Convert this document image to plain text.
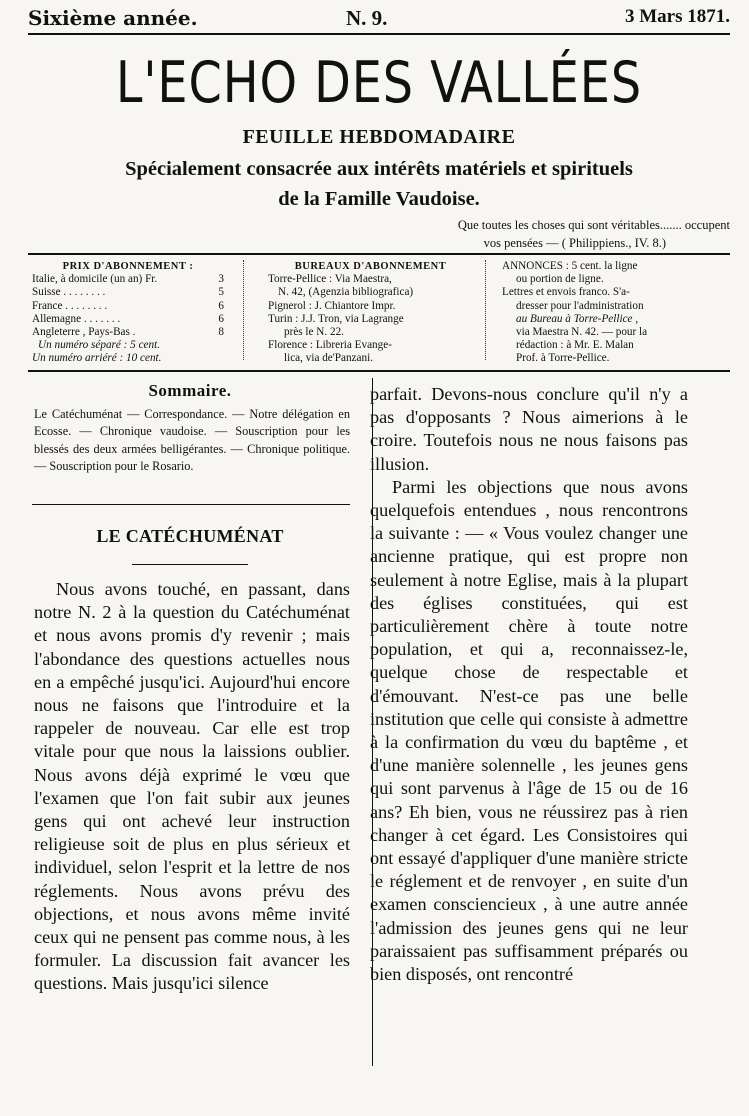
Sixième année.	N. 9.	3 Mars 1871.
L'ECHO DES VALLÉES
FEUILLE HEBDOMADAIRE
Spécialement consacrée aux intérêts matériels et spirituels
de la Famille Vaudoise.
Que toutes les choses qui sont véritables....... occupent
vos pensées — ( Philippiens., IV. 8.)
PRIX D'ABONNEMENT :
Italie, à domicile (un an) Fr.	3
Suisse . . . . . . . .	5
France . . . . . . . .	6
Allemagne . . . . . . .	6
Angleterre , Pays-Bas .	8
Un numéro séparé : 5 cent.
Un numéro arriéré : 10 cent.
BUREAUX D'ABONNEMENT
Torre-Pellice : Via Maestra,
N. 42, (Agenzia bibliografica)
Pignerol : J. Chiantore Impr.
Turin : J.J. Tron, via Lagrange
près le N. 22.
Florence : Libreria Evange-
lica, via de'Panzani.
ANNONCES : 5 cent. la ligne
ou portion de ligne.
Lettres et envois franco. S'a-
dresser pour l'administration
au Bureau à Torre-Pellice ,
via Maestra N. 42. — pour la
rédaction : à Mr. E. Malan
Prof. à Torre-Pellice.
Sommaire.
Le Catéchuménat — Correspondance. — Notre délégation en Ecosse. — Chronique vaudoise. — Souscription pour les blessés des deux armées belligérantes. — Chronique politique. — Souscription pour le Rosario.
LE CATÉCHUMÉNAT

Nous avons touché, en passant, dans notre N. 2 à la question du Catéchuménat et nous avons promis d'y revenir ; mais l'abondance des questions actuelles nous en a empêché jusqu'ici. Aujourd'hui encore nous ne faisons que l'introduire et la rappeler de nouveau. Car elle est trop vitale pour que nous la laissions oublier. Nous avons déjà exprimé le vœu que l'examen que l'on fait subir aux jeunes gens qui ont achevé leur instruction religieuse soit de plus en plus sérieux et individuel, selon l'esprit et la lettre de nos réglements. Nous avons prévu des objections, et nous avons même invité ceux qui ne pensent pas comme nous, à les formuler. La discussion fait avancer les questions. Mais jusqu'ici silence

parfait. Devons-nous conclure qu'il n'y a pas d'opposants ? Nous aimerions à le croire. Toutefois nous ne nous faisons pas illusion.

Parmi les objections que nous avons quelquefois entendues , nous rencontrons la suivante : — « Vous voulez changer une ancienne pratique, qui est propre non seulement à notre Eglise, mais à la plupart des églises constituées, qui est particulièrement chère à toute notre population, et qui a, reconnaissez-le, quelque chose de respectable et d'émouvant. N'est-ce pas une belle institution que celle qui consiste à admettre à la confirmation du vœu du baptême , et d'une manière solennelle , les jeunes gens qui sont parvenus à l'âge de 15 ou de 16 ans? Eh bien, vous ne réussirez pas à rien changer à cet égard. Les Consistoires qui ont essayé d'appliquer d'une manière stricte le réglement et de renvoyer , en suite d'un examen consciencieux , à une autre année l'admission des jeunes gens qui ne leur paraissaient pas suffisamment préparés ou bien disposés, ont rencontré
